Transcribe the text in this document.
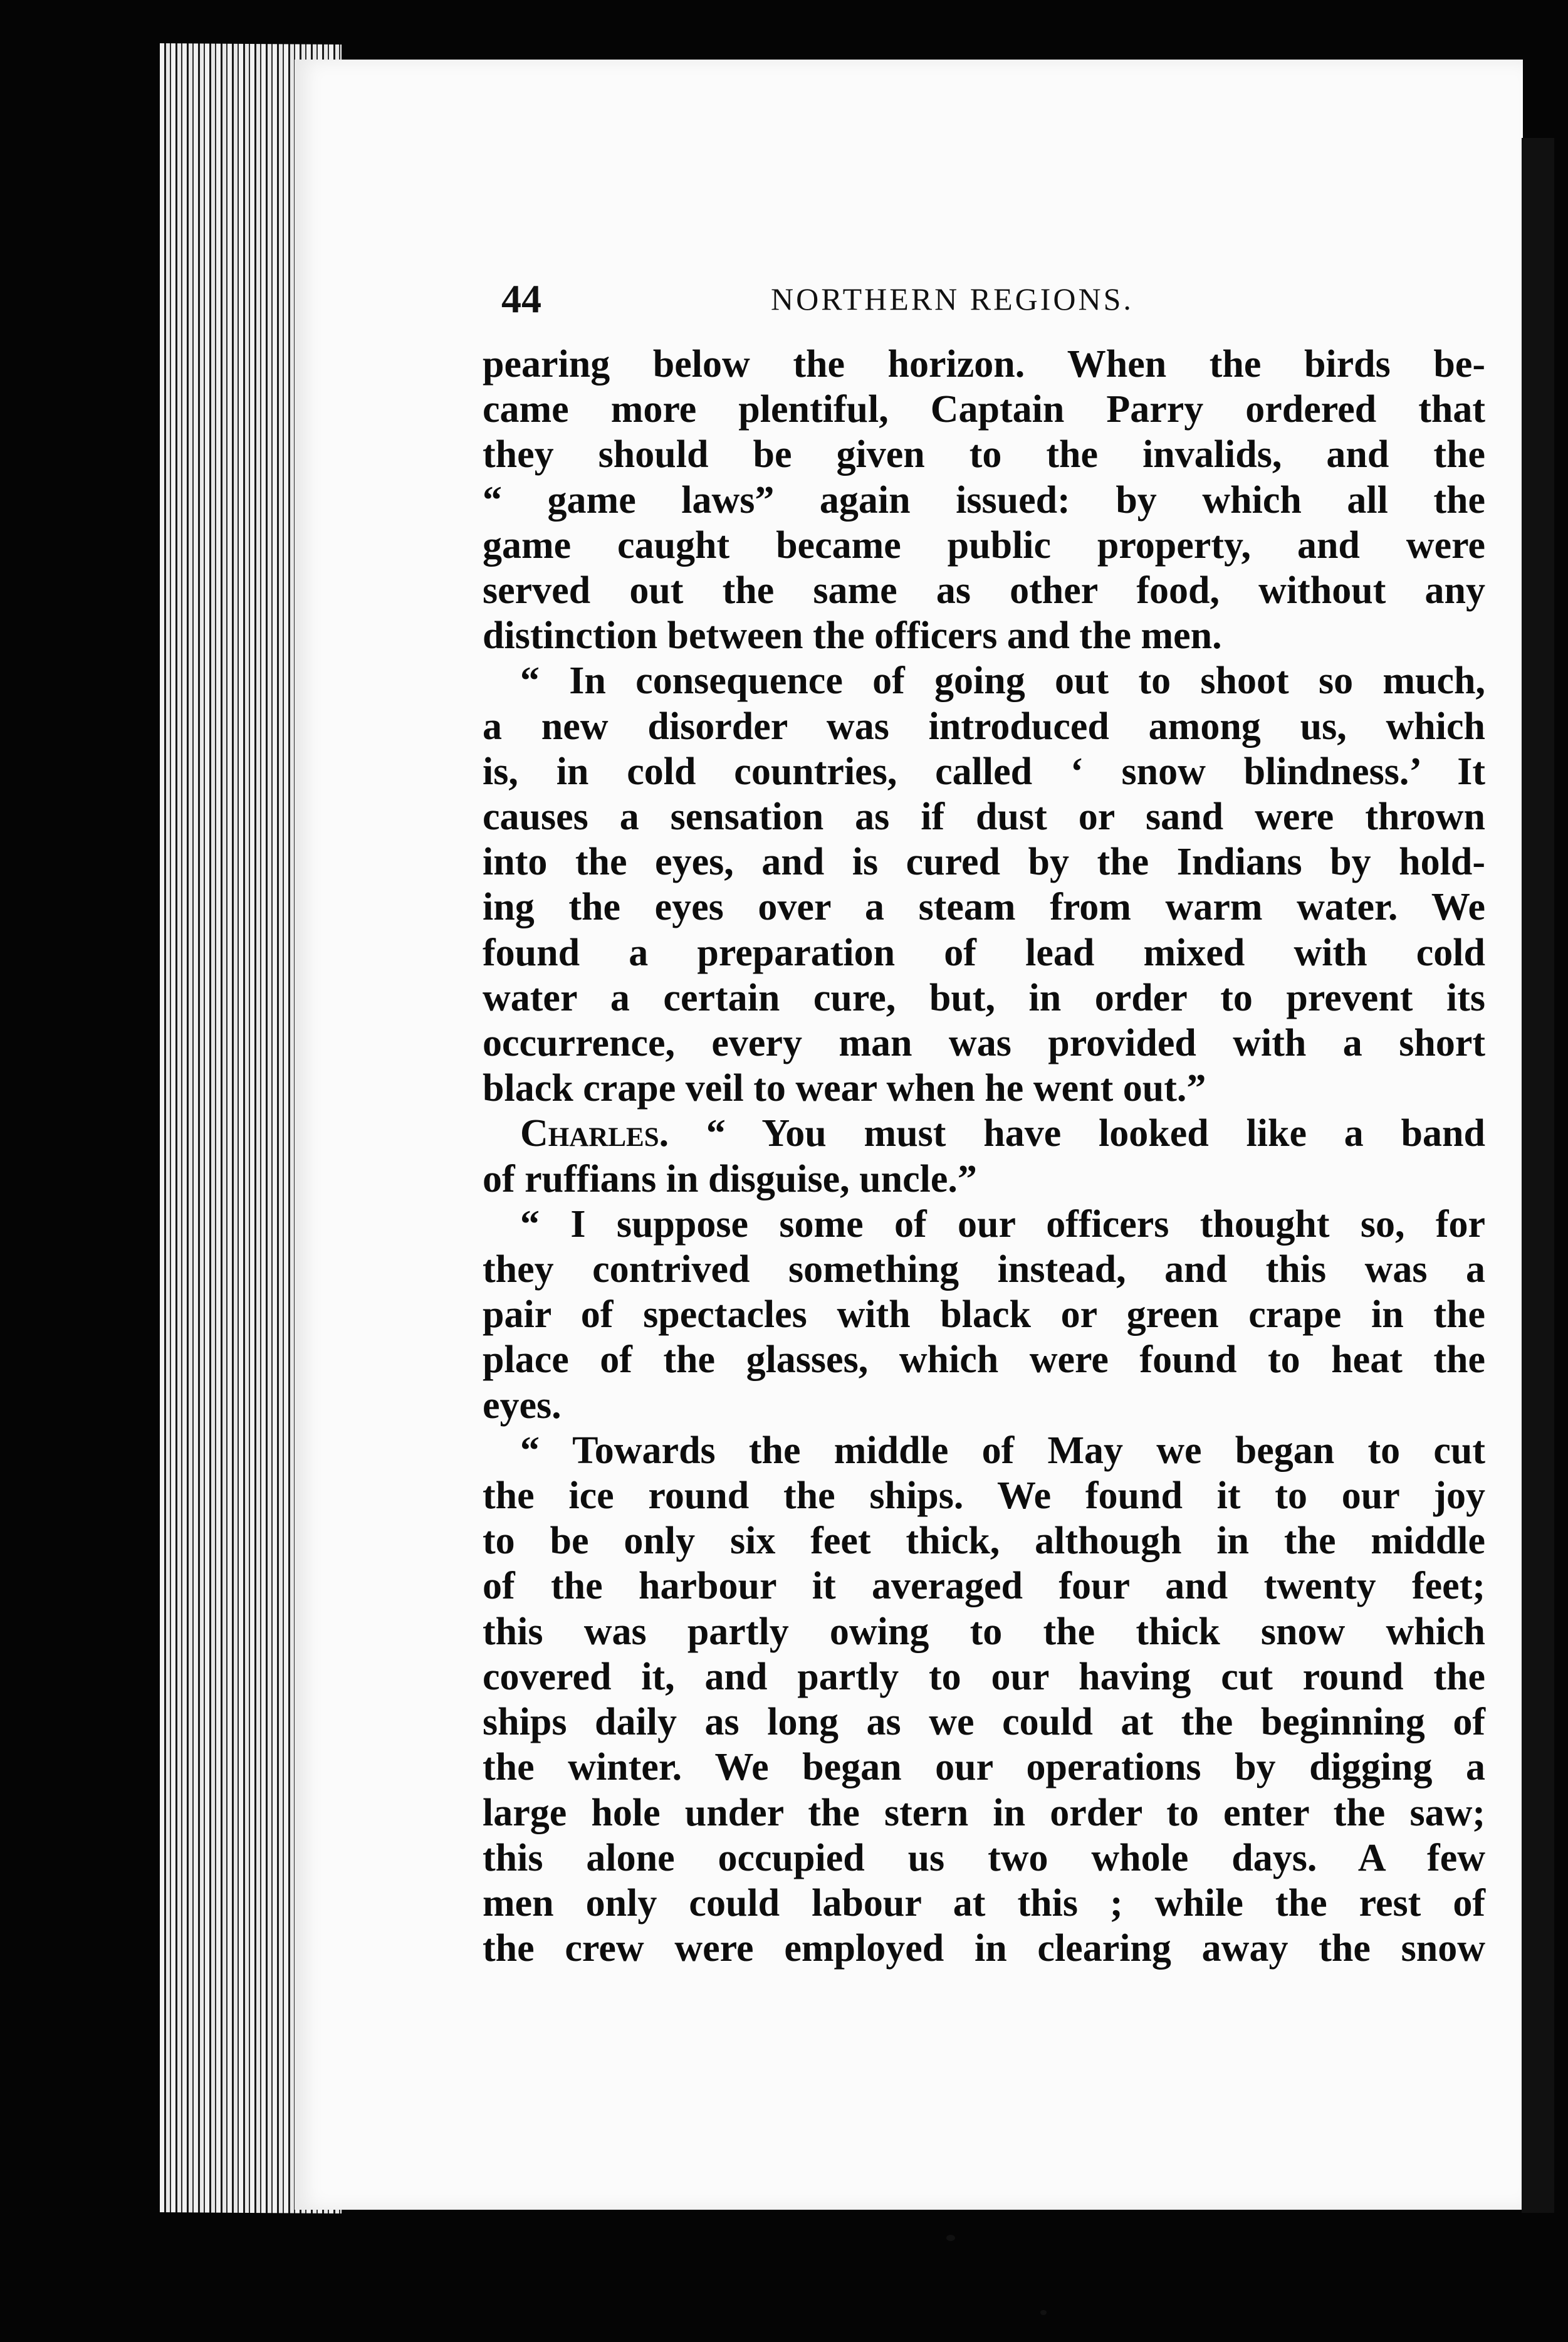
44	NORTHERN REGIONS.
pearing below the horizon. When the birds be-
came more plentiful, Captain Parry ordered that
they should be given to the invalids, and the
“ game laws” again issued: by which all the
game caught became public property, and were
served out the same as other food, without any
distinction between the officers and the men.
“ In consequence of going out to shoot so much,
a new disorder was introduced among us, which
is, in cold countries, called ‘ snow blindness.’ It
causes a sensation as if dust or sand were thrown
into the eyes, and is cured by the Indians by hold-
ing the eyes over a steam from warm water. We
found a preparation of lead mixed with cold
water a certain cure, but, in order to prevent its
occurrence, every man was provided with a short
black crape veil to wear when he went out.”
Charles. “ You must have looked like a band
of ruffians in disguise, uncle.”
“ I suppose some of our officers thought so, for
they contrived something instead, and this was a
pair of spectacles with black or green crape in the
place of the glasses, which were found to heat the
eyes.
“ Towards the middle of May we began to cut
the ice round the ships. We found it to our joy
to be only six feet thick, although in the middle
of the harbour it averaged four and twenty feet;
this was partly owing to the thick snow which
covered it, and partly to our having cut round the
ships daily as long as we could at the beginning of
the winter. We began our operations by digging a
large hole under the stern in order to enter the saw;
this alone occupied us two whole days. A few
men only could labour at this ; while the rest of
the crew were employed in clearing away the snow
